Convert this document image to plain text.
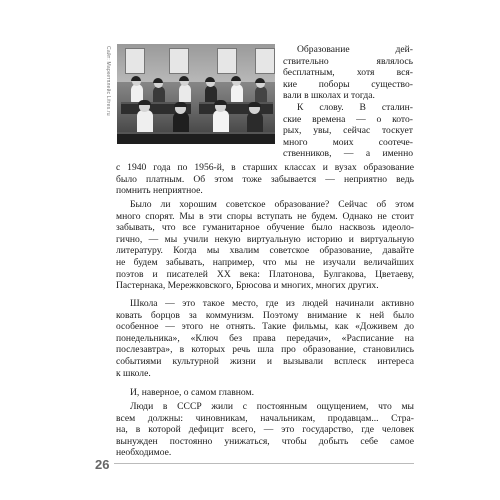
Сайт: Маркетплейс Litres.ru	Образование дей-
ствительно являлось
бесплатным, хотя вся-
кие поборы существо-
вали в школах и тогда.
К слову. В сталин-
ские времена — о кото-
рых, увы, сейчас тоскует
много моих соотече-
ственников, — а именно
с 1940 года по 1956-й, в старших классах и вузах образование
было платным. Об этом тоже забывается — неприятно ведь
помнить неприятное.
Было ли хорошим советское образование? Сейчас об этом
много спорят. Мы в эти споры вступать не будем. Однако не стоит
забывать, что все гуманитарное обучение было насквозь идеоло-
гично, — мы учили некую виртуальную историю и виртуальную
литературу. Когда мы хвалим советское образование, давайте
не будем забывать, например, что мы не изучали величайших
поэтов и писателей XX века: Платонова, Булгакова, Цветаеву,
Пастернака, Мережковского, Брюсова и многих, многих других.
Школа — это такое место, где из людей начинали активно
ковать борцов за коммунизм. Поэтому внимание к ней было
особенное — этого не отнять. Такие фильмы, как «Доживем до
понедельника», «Ключ без права передачи», «Расписание на
послезавтра», в которых речь шла про образование, становились
событиями культурной жизни и вызывали всплеск интереса
к школе.
26
И, наверное, о самом главном.
Люди в СССР жили с постоянным ощущением, что мы
всем должны: чиновникам, начальникам, продавцам... Стра-
на, в которой дефицит всего, — это государство, где человек
вынужден постоянно унижаться, чтобы добыть себе самое
необходимое.
